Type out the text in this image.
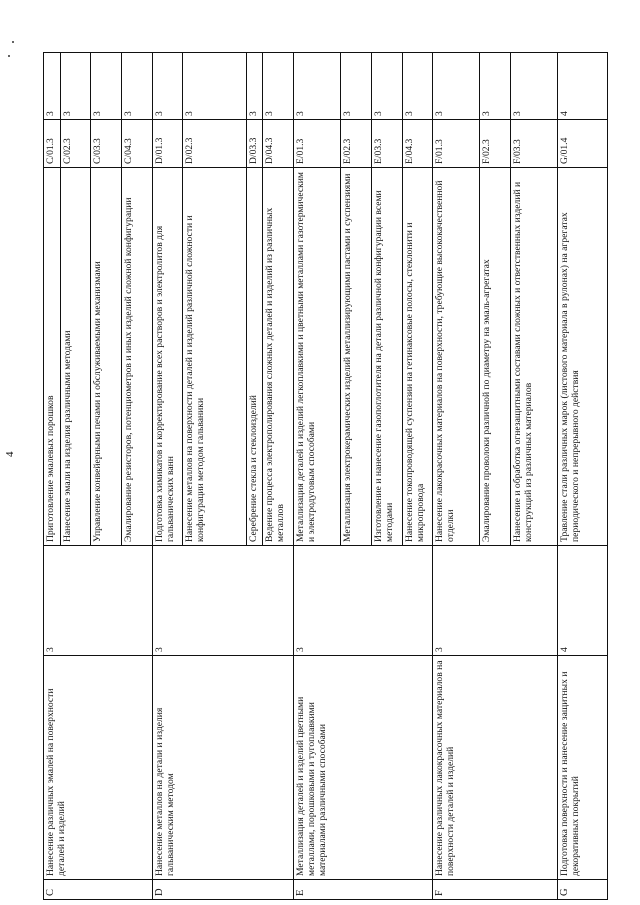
4
C	Нанесение различных эмалей на поверхности деталей и изделий	3	Приготовление эмалевых порошков	C/01.3	3
			Нанесение эмали на изделия различными методами	C/02.3	3
			Управление конвейерными печами и обслуживаемыми механизмами	C/03.3	3
			Эмалирование резисторов, потенциометров и иных изделий сложной конфигурации	C/04.3	3
D	Нанесение металлов на детали и изделия гальваническим методом	3	Подготовка химикатов и корректирование всех растворов и электролитов для гальванических ванн	D/01.3	3
			Нанесение металлов на поверхности деталей и изделий различной сложности и конфигурации методом гальваники	D/02.3	3
			Серебрение стекла и стеклоизделий	D/03.3	3
			Ведение процесса электрополирования сложных деталей и изделий из различных металлов	D/04.3	3
E	Металлизация деталей и изделий цветными металлами, порошковыми и тугоплавкими материалами различными способами	3	Металлизация деталей и изделий легкоплавкими и цветными металлами газотермическим и электродуговым способами	E/01.3	3
			Металлизация электрокерамических изделий металлизирующими пастами и суспензиями	E/02.3	3
			Изготовление и нанесение газопоглотителя на детали различной конфигурации всеми методами	E/03.3	3
			Нанесение токопроводящей суспензии на гетинаксовые полосы, стеклонити и микропровода	E/04.3	3
F	Нанесение различных лакокрасочных материалов на поверхности деталей и изделий	3	Нанесение лакокрасочных материалов на поверхности, требующие высококачественной отделки	F/01.3	3
			Эмалирование проволоки различной по диаметру на эмаль-агрегатах	F/02.3	3
			Нанесение и обработка огнезащитными составами сложных и ответственных изделий и конструкций из различных материалов	F/03.3	3
G	Подготовка поверхности и нанесение защитных и декоративных покрытий	4	Травление стали различных марок (листового материала в рулонах) на агрегатах периодического и непрерывного действия	G/01.4	4
